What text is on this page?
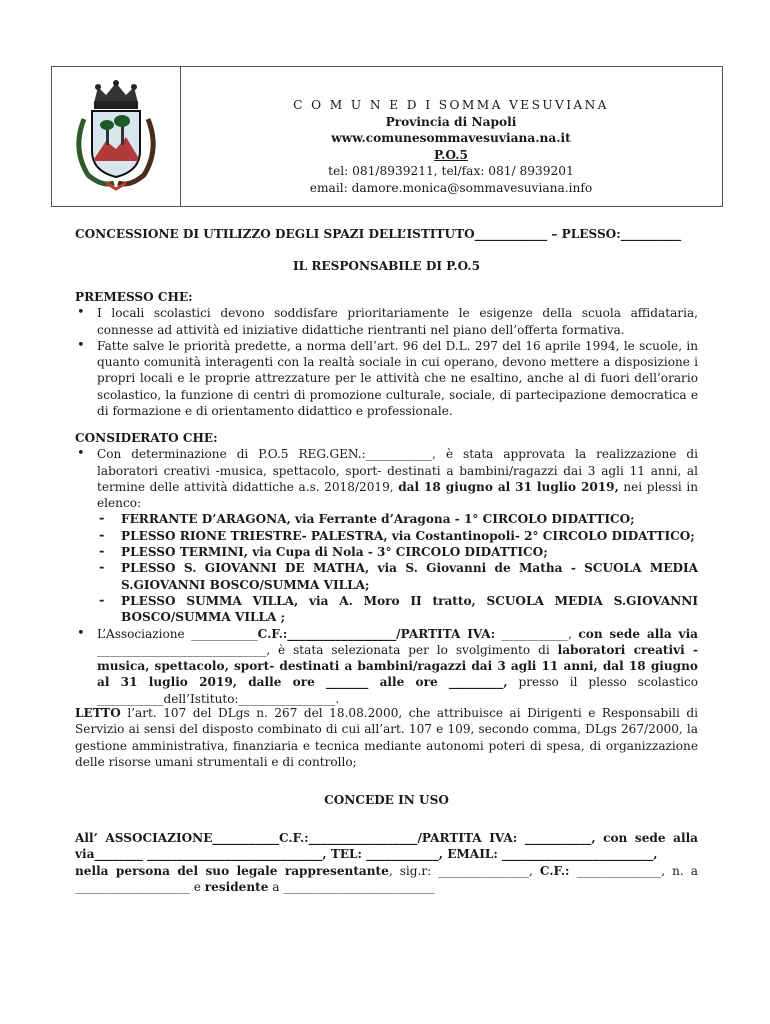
C O M U N E D I SOMMA VESUVIANA
Provincia di Napoli
www.comunesommavesuviana.na.it
P.O.5
tel: 081/8939211, tel/fax: 081/ 8939201
email: damore.monica@sommavesuviana.info
CONCESSIONE DI UTILIZZO DEGLI SPAZI DELL’ISTITUTO____________ – PLESSO:__________
IL RESPONSABILE DI P.O.5
PREMESSO CHE:
• I locali scolastici devono soddisfare prioritariamente le esigenze della scuola affidataria, connesse ad attività ed iniziative didattiche rientranti nel piano dell’offerta formativa.
• Fatte salve le priorità predette, a norma dell’art. 96 del D.L. 297 del 16 aprile 1994, le scuole, in quanto comunità interagenti con la realtà sociale in cui operano, devono mettere a disposizione i propri locali e le proprie attrezzature per le attività che ne esaltino, anche al di fuori dell’orario scolastico, la funzione di centri di promozione culturale, sociale, di partecipazione democratica e di formazione e di orientamento didattico e professionale.
CONSIDERATO CHE:
• Con determinazione di P.O.5 REG.GEN.:___________, è stata approvata la realizzazione di laboratori creativi -musica, spettacolo, sport- destinati a bambini/ragazzi dai 3 agli 11 anni, al termine delle attività didattiche a.s. 2018/2019, dal 18 giugno al 31 luglio 2019, nei plessi in elenco:
- FERRANTE D’ARAGONA, via Ferrante d’Aragona - 1° CIRCOLO DIDATTICO;
- PLESSO RIONE TRIESTRE- PALESTRA, via Costantinopoli- 2° CIRCOLO DIDATTICO;
- PLESSO TERMINI, via Cupa di Nola - 3° CIRCOLO DIDATTICO;
- PLESSO S. GIOVANNI DE MATHA, via S. Giovanni de Matha - SCUOLA MEDIA S.GIOVANNI BOSCO/SUMMA VILLA;
- PLESSO SUMMA VILLA, via A. Moro II tratto, SCUOLA MEDIA S.GIOVANNI BOSCO/SUMMA VILLA ;
• L’Associazione ___________C.F.:__________________/PARTITA IVA: ___________, con sede alla via ____________________________, è stata selezionata per lo svolgimento di laboratori creativi -musica, spettacolo, sport- destinati a bambini/ragazzi dai 3 agli 11 anni, dal 18 giugno al 31 luglio 2019, dalle ore _______ alle ore _________, presso il plesso scolastico ___________dell’Istituto:________________.
LETTO l’art. 107 del DLgs n. 267 del 18.08.2000, che attribuisce ai Dirigenti e Responsabili di Servizio ai sensi del disposto combinato di cui all’art. 107 e 109, secondo comma, DLgs 267/2000, la gestione amministrativa, finanziaria e tecnica mediante autonomi poteri di spesa, di organizzazione delle risorse umani strumentali e di controllo;
CONCEDE IN USO
All’ ASSOCIAZIONE___________C.F.:__________________/PARTITA IVA: ___________, con sede alla via________ _____________________________, TEL: ____________, EMAIL: _________________________,
nella persona del suo legale rappresentante, sig.r: _______________, C.F.: ______________, n. a ___________________ e residente a _________________________
